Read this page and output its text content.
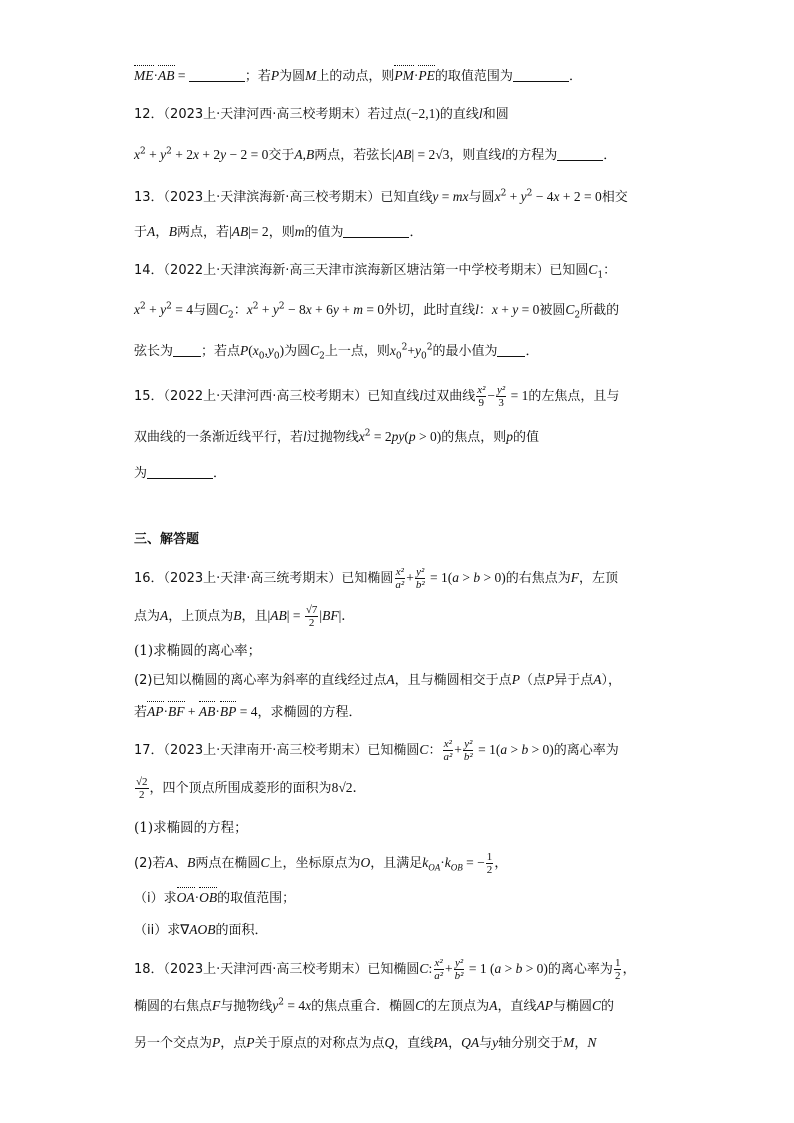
ME·AB =	；若P为圆M上的动点，则PM·PE的取值范围为	．
12．（2023上·天津河西·高三校考期末）若过点(−2,1)的直线l和圆
$x^2 + y^2 + 2x + 2y - 2 = 0$交于A,B两点，若弦长|AB| = 2√3，则直线l的方程为	．
13．（2023上·天津滨海新·高三校考期末）已知直线y = mx与圆$x^2 + y^2 - 4x + 2 = 0$相交
于A，B两点，若|AB|= 2，则m的值为	．
14．（2022上·天津滨海新·高三天津市滨海新区塘沽第一中学校考期末）已知圆$C_1$：
$x^2 + y^2 = 4$与圆$C_2$：$x^2 + y^2 - 8x + 6y + m = 0$外切，此时直线l：x + y = 0被圆$C_2$所截的
弦长为 ；若点$P(x_0,y_0)$为圆$C_2$上一点，则$x_0^2+y_0^2$的最小值为 ．
15．（2022上·天津河西·高三校考期末）已知直线l过双曲线 $\frac{\text{x²}}{9} - \frac{\text{y²}}{3} = 1$的左焦点，且与
双曲线的一条渐近线平行，若l过抛物线$x^2 = 2py(p > 0)$的焦点，则p的值
为	．
三、解答题
16．（2023上·天津·高三统考期末）已知椭圆 $\frac{\text{x²}}{\text{a²}} + \frac{\text{y²}}{\text{b²}} = 1(a > b > 0)$的右焦点为F，左顶
点为A，上顶点为B，且$|AB| = \frac{√7}{2} |BF|$．
(1)求椭圆的离心率；
(2)已知以椭圆的离心率为斜率的直线经过点A，且与椭圆相交于点P（点P异于点A），
若AP·BF + AB·BP = 4，求椭圆的方程．
17．（2023上·天津南开·高三校考期末）已知椭圆C： $\frac{\text{x²}}{\text{a²}} + \frac{\text{y²}}{\text{b²}} = 1(a > b > 0)$的离心率为
$\frac{√2}{2}$ ，四个顶点所围成菱形的面积为8√2．
(1)求椭圆的方程；
(2)若A、B两点在椭圆C上，坐标原点为O，且满足$k_{OA}\cdot k_{OB}$ = − $\frac{1}{2}$ ，
（i）求OA·OB的取值范围；
（ii）求∇AOB的面积．
18．（2023上·天津河西·高三校考期末）已知椭圆C: $\frac{\text{x²}}{\text{a²}} + \frac{\text{y²}}{\text{b²}} = 1$ (a > b > 0)的离心率为 $\frac{1}{2}$ ，
椭圆的右焦点F与抛物线$y^2 = 4x$的焦点重合．椭圆C的左顶点为A，直线AP与椭圆C的
另一个交点为P，点P关于原点的对称点为点Q，直线PA，QA与y轴分别交于M，N
